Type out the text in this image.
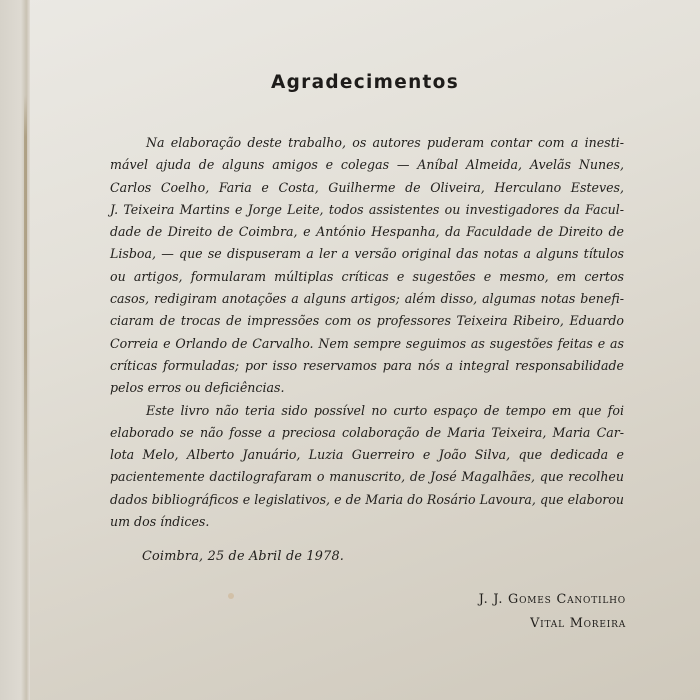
Agradecimentos
Na elaboração deste trabalho, os autores puderam contar com a inesti-
mável ajuda de alguns amigos e colegas — Aníbal Almeida, Avelãs Nunes,
Carlos Coelho, Faria e Costa, Guilherme de Oliveira, Herculano Esteves,
J. Teixeira Martins e Jorge Leite, todos assistentes ou investigadores da Facul-
dade de Direito de Coimbra, e António Hespanha, da Faculdade de Direito de
Lisboa, — que se dispuseram a ler a versão original das notas a alguns títulos
ou artigos, formularam múltiplas críticas e sugestões e mesmo, em certos
casos, redigiram anotações a alguns artigos; além disso, algumas notas benefi-
ciaram de trocas de impressões com os professores Teixeira Ribeiro, Eduardo
Correia e Orlando de Carvalho. Nem sempre seguimos as sugestões feitas e as
críticas formuladas; por isso reservamos para nós a integral responsabilidade
pelos erros ou deficiências.
Este livro não teria sido possível no curto espaço de tempo em que foi
elaborado se não fosse a preciosa colaboração de Maria Teixeira, Maria Car-
lota Melo, Alberto Januário, Luzia Guerreiro e João Silva, que dedicada e
pacientemente dactilografaram o manuscrito, de José Magalhães, que recolheu
dados bibliográficos e legislativos, e de Maria do Rosário Lavoura, que elaborou
um dos índices.
Coimbra, 25 de Abril de 1978.
J. J. Gomes Canotilho
Vital Moreira
